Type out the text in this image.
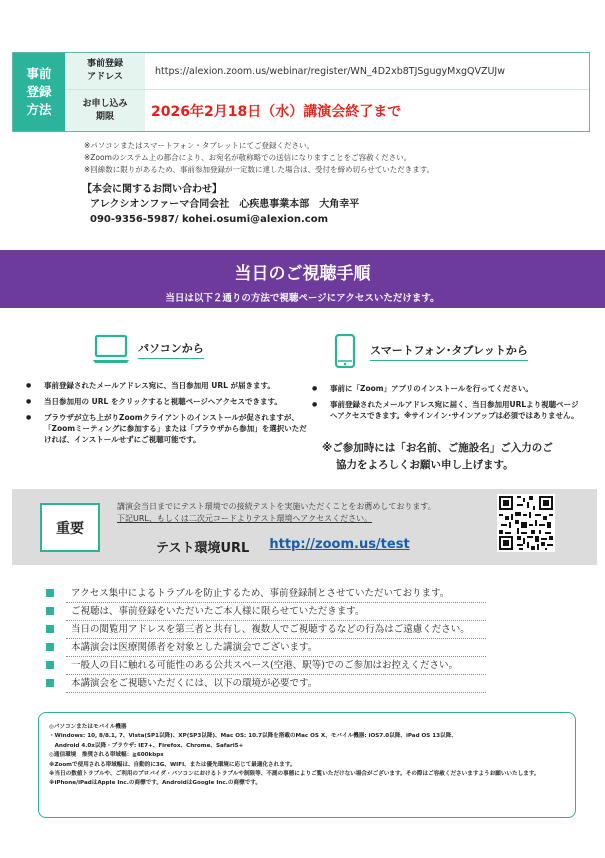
事前
登録
方法
事前登録
アドレス
https://alexion.zoom.us/webinar/register/WN_4D2xb8TJSgugyMxgQVZUJw
お申し込み
期限	2026年2月18日（水）講演会終了まで
※パソコンまたはスマートフォン・タブレットにてご登録ください。
※Zoomのシステム上の都合により、お宛名が敬称略での送信になりますことをご容赦ください。
※回線数に限りがあるため、事前参加登録が一定数に達した場合は、受付を締め切らせていただきます。
【本会に関するお問い合わせ】
アレクシオンファーマ合同会社　心疾患事業本部　大角幸平
090-9356-5987/ kohei.osumi@alexion.com
当日のご視聴手順
当日は以下２通りの方法で視聴ページにアクセスいただけます。
パソコンから	スマートフォン･タブレットから
● 事前登録されたメールアドレス宛に、当日参加用 URL が届きます。
● 当日参加用の URL をクリックすると視聴ページへアクセスできます。
● ブラウザが立ち上がりZoomクライアントのインストールが促されますが、「Zoomミーティングに参加する」または「ブラウザから参加」を選択いただければ、インストールせずにご視聴可能です。
● 事前に「Zoom」アプリのインストールを行ってください。
● 事前登録されたメールアドレス宛に届く、当日参加用URLより視聴ページへアクセスできます。※サインイン･サインアップは必須ではありません。
※ご参加時には「お名前、ご施設名」ご入力のご
協力をよろしくお願い申し上げます。
重要
講演会当日までにテスト環境での接続テストを実施いただくことをお薦めしております。
下記URL、もしくは二次元コードよりテスト環境へアクセスください。
テスト環境URL http://zoom.us/test
アクセス集中によるトラブルを防止するため、事前登録制とさせていただいております。
ご視聴は、事前登録をいただいたご本人様に限らせていただきます。
当日の閲覧用アドレスを第三者と共有し、複数人でご視聴するなどの行為はご遠慮ください。
本講演会は医療関係者を対象とした講演会でございます。
一般人の目に触れる可能性のある公共スペース(空港、駅等)でのご参加はお控えください。
本講演会をご視聴いただくには、以下の環境が必要です。
◎パソコンまたはモバイル機器
・Windows: 10, 8/8.1, 7、Vista(SP1以降)、XP(SP3以降)、Mac OS: 10.7以降を搭載のMac OS X、モバイル機器: iOS7.0以降、iPad OS 13以降、
　Android 4.0x以降・ブラウザ: IE7+、Firefox、Chrome、Safari5+
◎通信環境　推奨される帯域幅：≧600kbps
※Zoomで使用される帯域幅は、自動的に3G、WIFI、または優先環境に応じて最適化されます。
※当日の数値トラブルや、ご利用のプロバイダ・パソコンにおけるトラブルや制限等、不測の事態によりご覧いただけない場合がございます。その際はご容赦くださいますようお願いいたします。
※iPhone/iPadはApple Inc.の商標です。AndroidはGoogle Inc.の商標です。
